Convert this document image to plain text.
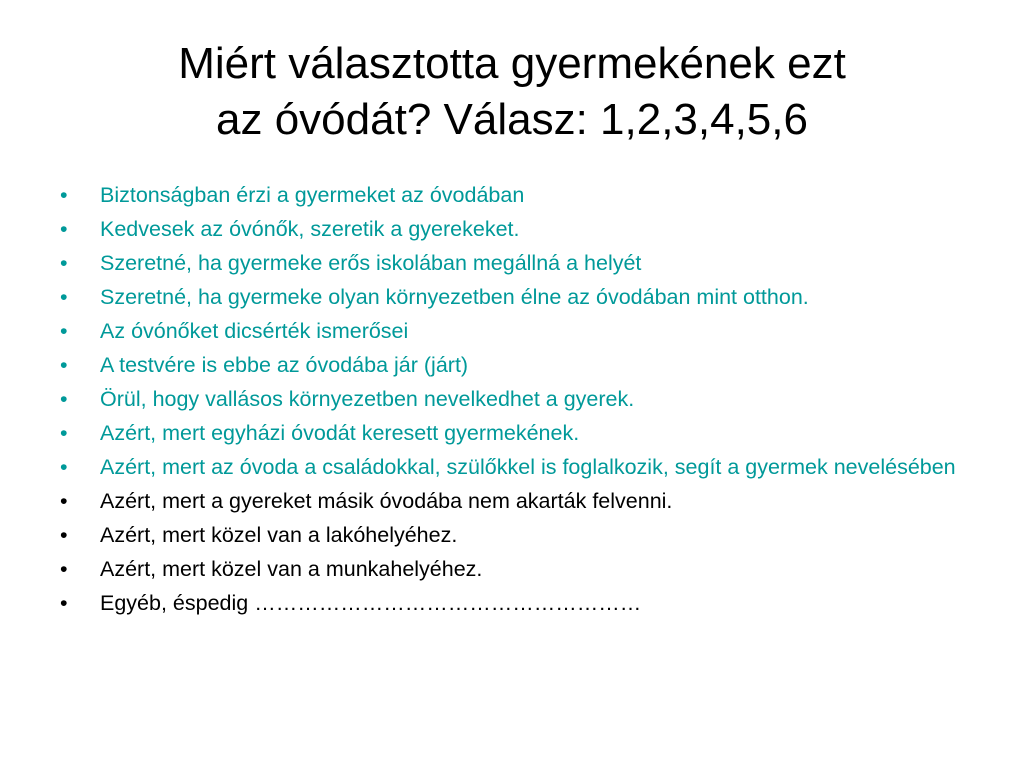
Miért választotta gyermekének ezt
az óvódát? Válasz: 1,2,3,4,5,6
•	Biztonságban érzi a gyermeket az óvodában
•	Kedvesek az óvónők, szeretik a gyerekeket.
•	Szeretné, ha gyermeke erős iskolában megállná a helyét
•	Szeretné, ha gyermeke olyan környezetben élne az óvodában mint otthon.
•	Az óvónőket dicsérték ismerősei
•	A testvére is ebbe az óvodába jár (járt)
•	Örül, hogy vallásos környezetben nevelkedhet a gyerek.
•	Azért, mert egyházi óvodát keresett gyermekének.
•	Azért, mert az óvoda a családokkal, szülőkkel is foglalkozik, segít a gyermek nevelésében
•	Azért, mert a gyereket másik óvodába nem akarták felvenni.
•	Azért, mert közel van a lakóhelyéhez.
•	Azért, mert közel van a munkahelyéhez.
•	Egyéb, éspedig ………………………………………………
